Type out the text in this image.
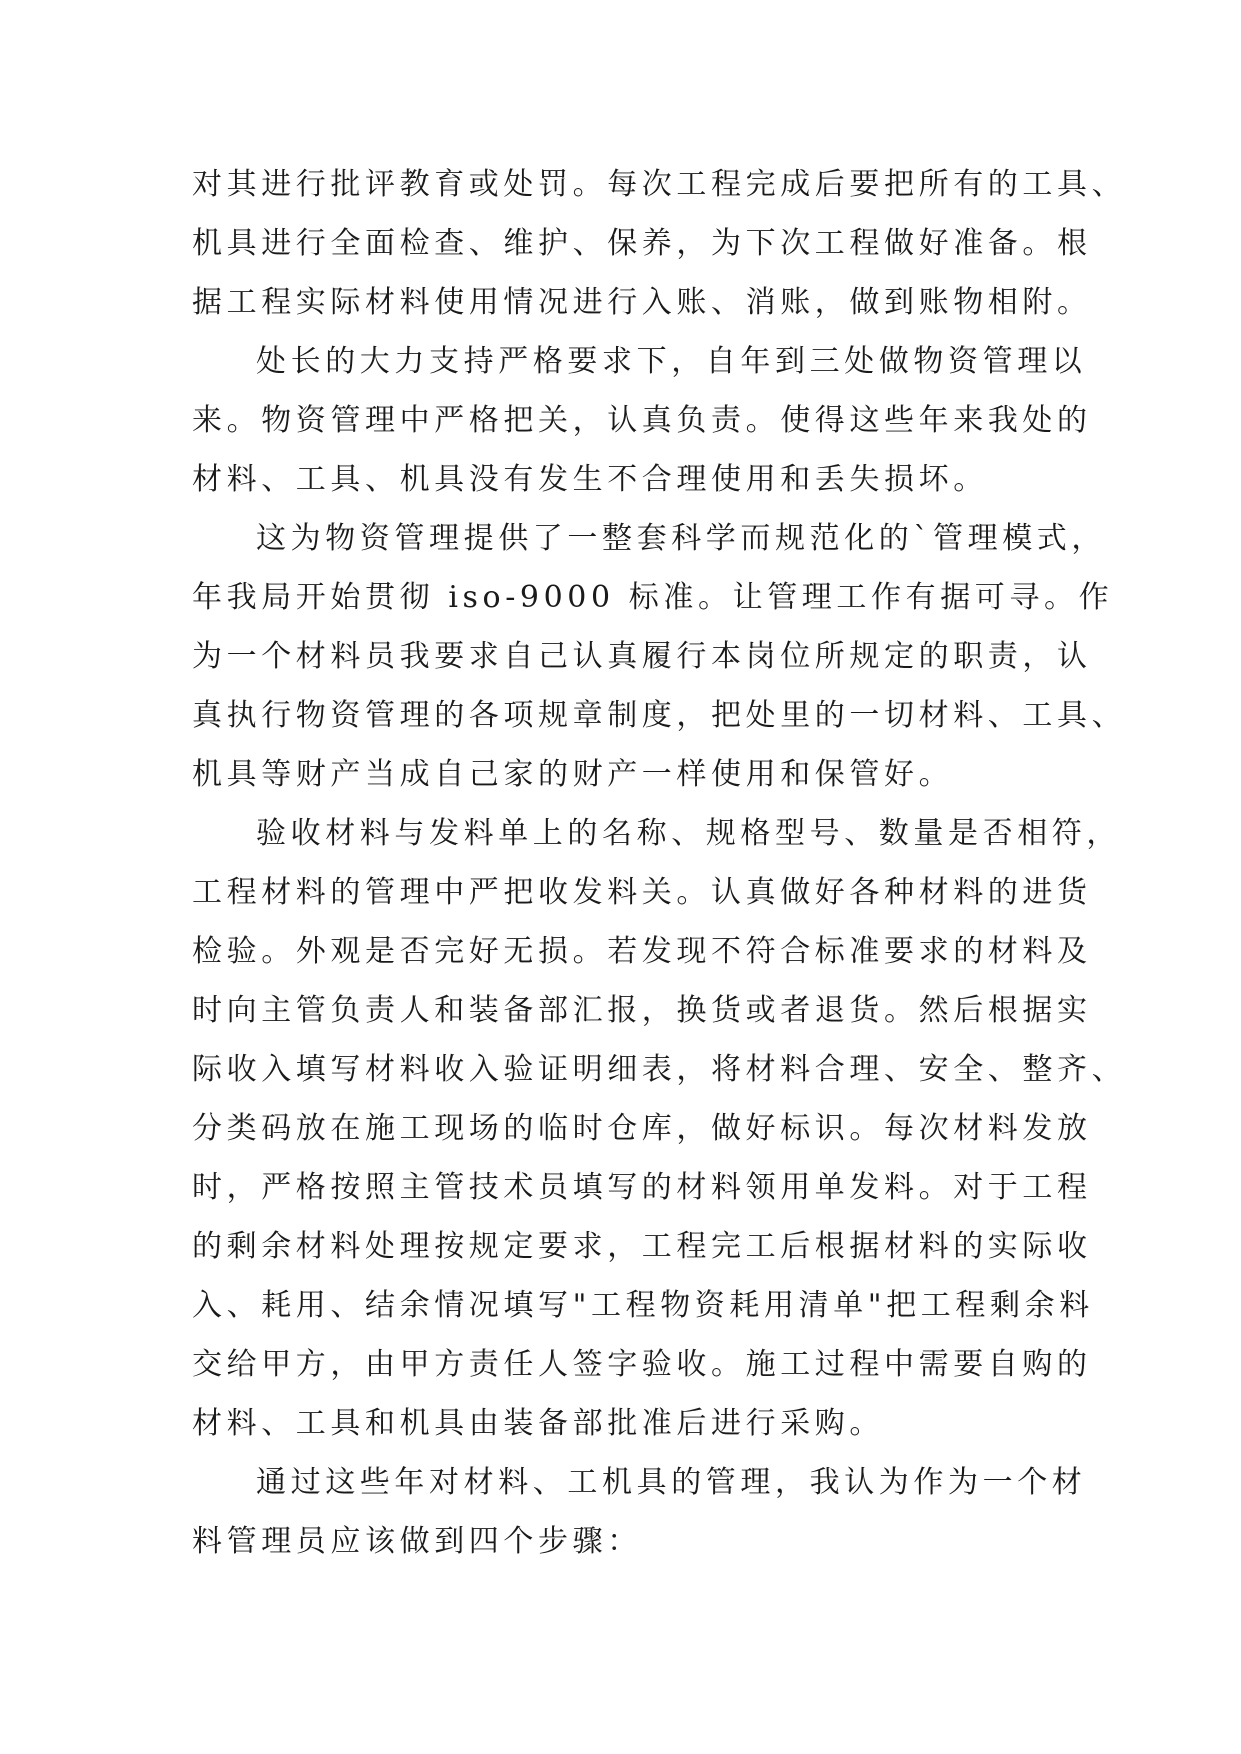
对其进行批评教育或处罚。每次工程完成后要把所有的工具、
机具进行全面检查、维护、保养，为下次工程做好准备。根
据工程实际材料使用情况进行入账、消账，做到账物相附。
处长的大力支持严格要求下，自年到三处做物资管理以
来。物资管理中严格把关，认真负责。使得这些年来我处的
材料、工具、机具没有发生不合理使用和丢失损坏。
这为物资管理提供了一整套科学而规范化的`管理模式，
年我局开始贯彻 iso-9000 标准。让管理工作有据可寻。作
为一个材料员我要求自己认真履行本岗位所规定的职责，认
真执行物资管理的各项规章制度，把处里的一切材料、工具、
机具等财产当成自己家的财产一样使用和保管好。
验收材料与发料单上的名称、规格型号、数量是否相符，
工程材料的管理中严把收发料关。认真做好各种材料的进货
检验。外观是否完好无损。若发现不符合标准要求的材料及
时向主管负责人和装备部汇报，换货或者退货。然后根据实
际收入填写材料收入验证明细表，将材料合理、安全、整齐、
分类码放在施工现场的临时仓库，做好标识。每次材料发放
时，严格按照主管技术员填写的材料领用单发料。对于工程
的剩余材料处理按规定要求，工程完工后根据材料的实际收
入、耗用、结余情况填写"工程物资耗用清单"把工程剩余料
交给甲方，由甲方责任人签字验收。施工过程中需要自购的
材料、工具和机具由装备部批准后进行采购。
通过这些年对材料、工机具的管理，我认为作为一个材
料管理员应该做到四个步骤：
